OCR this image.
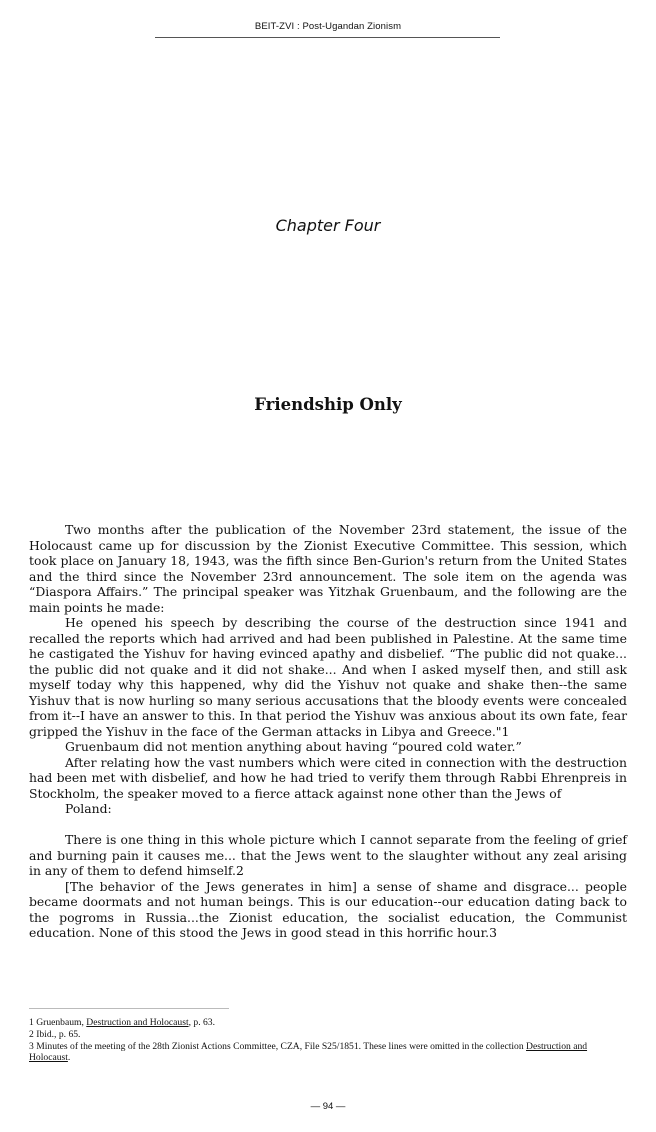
BEIT-ZVI : Post-Ugandan Zionism
Chapter Four
Friendship Only

Two months after the publication of the November 23rd statement, the issue of the Holocaust came up for discussion by the Zionist Executive Committee. This session, which took place on January 18, 1943, was the fifth since Ben-Gurion's return from the United States and the third since the November 23rd announcement. The sole item on the agenda was “Diaspora Affairs.” The principal speaker was Yitzhak Gruenbaum, and the following are the main points he made:

He opened his speech by describing the course of the destruction since 1941 and recalled the reports which had arrived and had been published in Palestine. At the same time he castigated the Yishuv for having evinced apathy and disbelief. “The public did not quake... the public did not quake and it did not shake... And when I asked myself then, and still ask myself today why this happened, why did the Yishuv not quake and shake then--the same Yishuv that is now hurling so many serious accusations that the bloody events were concealed from it--I have an answer to this. In that period the Yishuv was anxious about its own fate, fear gripped the Yishuv in the face of the German attacks in Libya and Greece."1

Gruenbaum did not mention anything about having “poured cold water.”

After relating how the vast numbers which were cited in connection with the destruction had been met with disbelief, and how he had tried to verify them through Rabbi Ehrenpreis in Stockholm, the speaker moved to a fierce attack against none other than the Jews of

Poland:

There is one thing in this whole picture which I cannot separate from the feeling of grief and burning pain it causes me... that the Jews went to the slaughter without any zeal arising in any of them to defend himself.2

[The behavior of the Jews generates in him] a sense of shame and disgrace... people became doormats and not human beings. This is our education--our education dating back to the pogroms in Russia...the Zionist education, the socialist education, the Communist education. None of this stood the Jews in good stead in this horrific hour.3

1 Gruenbaum, Destruction and Holocaust, p. 63.
2 Ibid., p. 65.
3 Minutes of the meeting of the 28th Zionist Actions Committee, CZA, File S25/1851. These lines were omitted in the collection Destruction and Holocaust.
— 94 —
